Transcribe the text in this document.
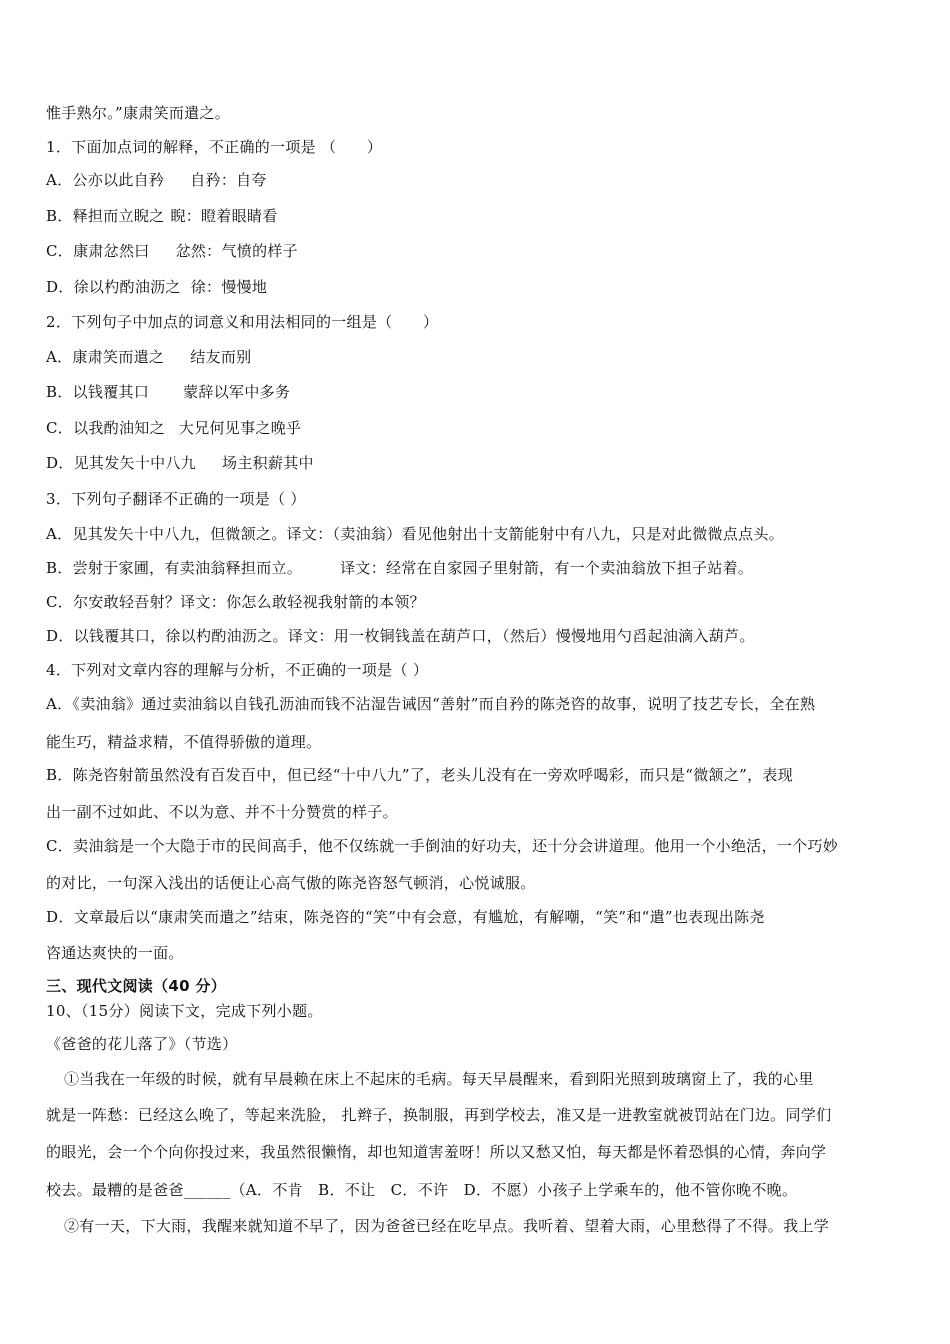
惟手熟尔。”康肃笑而遣之。
1．下面加点词的解释，不正确的一项是 （　　）
A．公亦以此自矜 自矜：自夸
B．释担而立睨之 睨：瞪着眼睛看
C．康肃忿然曰 忿然：气愤的样子
D．徐以杓酌油沥之 徐：慢慢地
2．下列句子中加点的词意义和用法相同的一组是（　　）
A．康肃笑而遣之 结友而别
B．以钱覆其口 蒙辞以军中多务
C．以我酌油知之 大兄何见事之晚乎
D．见其发矢十中八九 场主积薪其中
3．下列句子翻译不正确的一项是（ ）
A．见其发矢十中八九，但微颔之。译文：（卖油翁）看见他射出十支箭能射中有八九，只是对此微微点点头。
B．尝射于家圃，有卖油翁释担而立。	译文：经常在自家园子里射箭，有一个卖油翁放下担子站着。
C．尔安敢轻吾射？译文：你怎么敢轻视我射箭的本领？
D．以钱覆其口，徐以杓酌油沥之。译文：用一枚铜钱盖在葫芦口，（然后）慢慢地用勺舀起油滴入葫芦。
4．下列对文章内容的理解与分析，不正确的一项是（ ）
A．《卖油翁》通过卖油翁以自钱孔沥油而钱不沾湿告诫因“善射”而自矜的陈尧咨的故事，说明了技艺专长，全在熟
能生巧，精益求精，不值得骄傲的道理。
B．陈尧咨射箭虽然没有百发百中，但已经“十中八九”了，老头儿没有在一旁欢呼喝彩，而只是“微颔之”，表现
出一副不过如此、不以为意、并不十分赞赏的样子。
C．卖油翁是一个大隐于市的民间高手，他不仅练就一手倒油的好功夫，还十分会讲道理。他用一个小绝活，一个巧妙
的对比，一句深入浅出的话便让心高气傲的陈尧咨怒气顿消，心悦诚服。
D．文章最后以“康肃笑而遣之”结束，陈尧咨的“笑”中有会意，有尴尬，有解嘲，“笑”和“遣”也表现出陈尧
咨通达爽快的一面。
三、现代文阅读（40 分）
10、（15分）阅读下文，完成下列小题。
《爸爸的花儿落了》（节选）
①当我在一年级的时候，就有早晨赖在床上不起床的毛病。每天早晨醒来，看到阳光照到玻璃窗上了，我的心里
就是一阵愁：已经这么晚了，等起来洗脸， 扎辫子，换制服，再到学校去，准又是一进教室就被罚站在门边。同学们
的眼光，会一个个向你投过来，我虽然很懒惰，却也知道害羞呀！所以又愁又怕，每天都是怀着恐惧的心情，奔向学
校去。最糟的是爸爸______（A．不肯　B．不让　C．不许　D．不愿）小孩子上学乘车的，他不管你晚不晚。
②有一天，下大雨，我醒来就知道不早了，因为爸爸已经在吃早点。我听着、望着大雨，心里愁得了不得。我上学
